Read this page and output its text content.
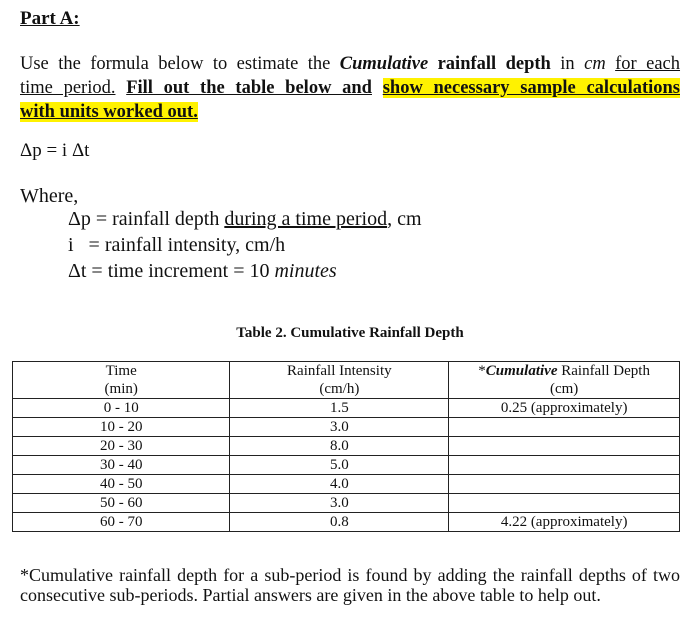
Part A:
Use the formula below to estimate the Cumulative rainfall depth in cm for each
time period. Fill out the table below and show necessary sample calculations
with units worked out.
Δp = i Δt
Where,
Δp = rainfall depth during a time period, cm
i   = rainfall intensity, cm/h
Δt = time increment = 10 minutes
Table 2. Cumulative Rainfall Depth
Time	Rainfall Intensity	*Cumulative Rainfall Depth
(min)	(cm/h)	(cm)
0 - 10	1.5	0.25 (approximately)
10 - 20	3.0	
20 - 30	8.0	
30 - 40	5.0	
40 - 50	4.0	
50 - 60	3.0	
60 - 70	0.8	4.22 (approximately)
*Cumulative rainfall depth for a sub-period is found by adding the rainfall depths of two consecutive sub-periods. Partial answers are given in the above table to help out.
